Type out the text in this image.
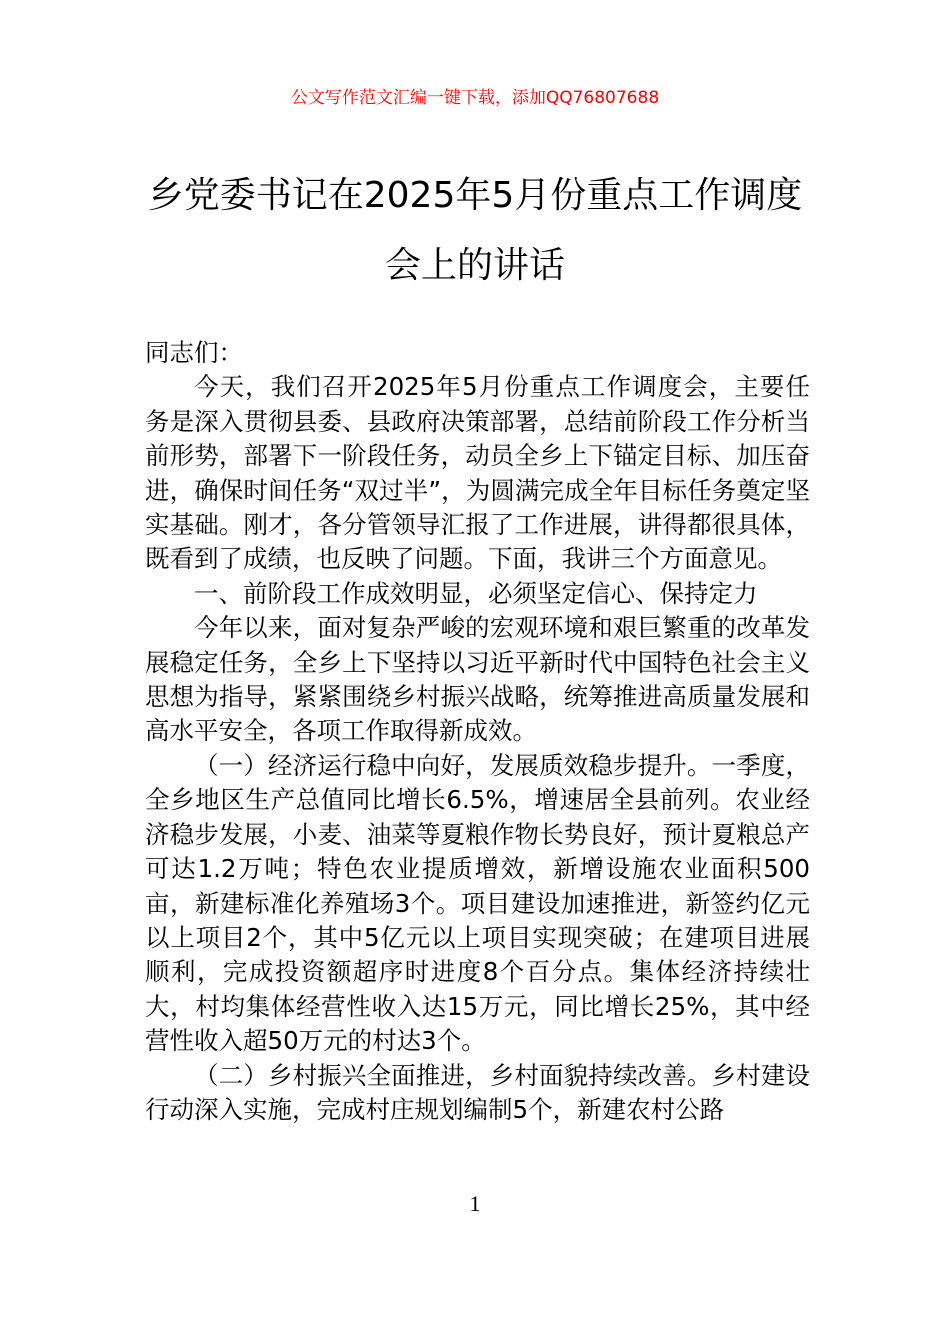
公文写作范文汇编一键下载，添加QQ76807688
乡党委书记在2025年5月份重点工作调度
会上的讲话

同志们：

今天，我们召开2025年5月份重点工作调度会，主要任务是深入贯彻县委、县政府决策部署，总结前阶段工作分析当前形势，部署下一阶段任务，动员全乡上下锚定目标、加压奋进，确保时间任务“双过半”，为圆满完成全年目标任务奠定坚实基础。刚才，各分管领导汇报了工作进展，讲得都很具体，既看到了成绩，也反映了问题。下面，我讲三个方面意见。

一、前阶段工作成效明显，必须坚定信心、保持定力

今年以来，面对复杂严峻的宏观环境和艰巨繁重的改革发展稳定任务，全乡上下坚持以习近平新时代中国特色社会主义思想为指导，紧紧围绕乡村振兴战略，统筹推进高质量发展和高水平安全，各项工作取得新成效。

（一）经济运行稳中向好，发展质效稳步提升。一季度，全乡地区生产总值同比增长6.5%，增速居全县前列。农业经济稳步发展，小麦、油菜等夏粮作物长势良好，预计夏粮总产可达1.2万吨；特色农业提质增效，新增设施农业面积500亩，新建标准化养殖场3个。项目建设加速推进，新签约亿元以上项目2个，其中5亿元以上项目实现突破；在建项目进展顺利，完成投资额超序时进度8个百分点。集体经济持续壮大，村均集体经营性收入达15万元，同比增长25%，其中经营性收入超50万元的村达3个。

（二）乡村振兴全面推进，乡村面貌持续改善。乡村建设行动深入实施，完成村庄规划编制5个，新建农村公路

1
